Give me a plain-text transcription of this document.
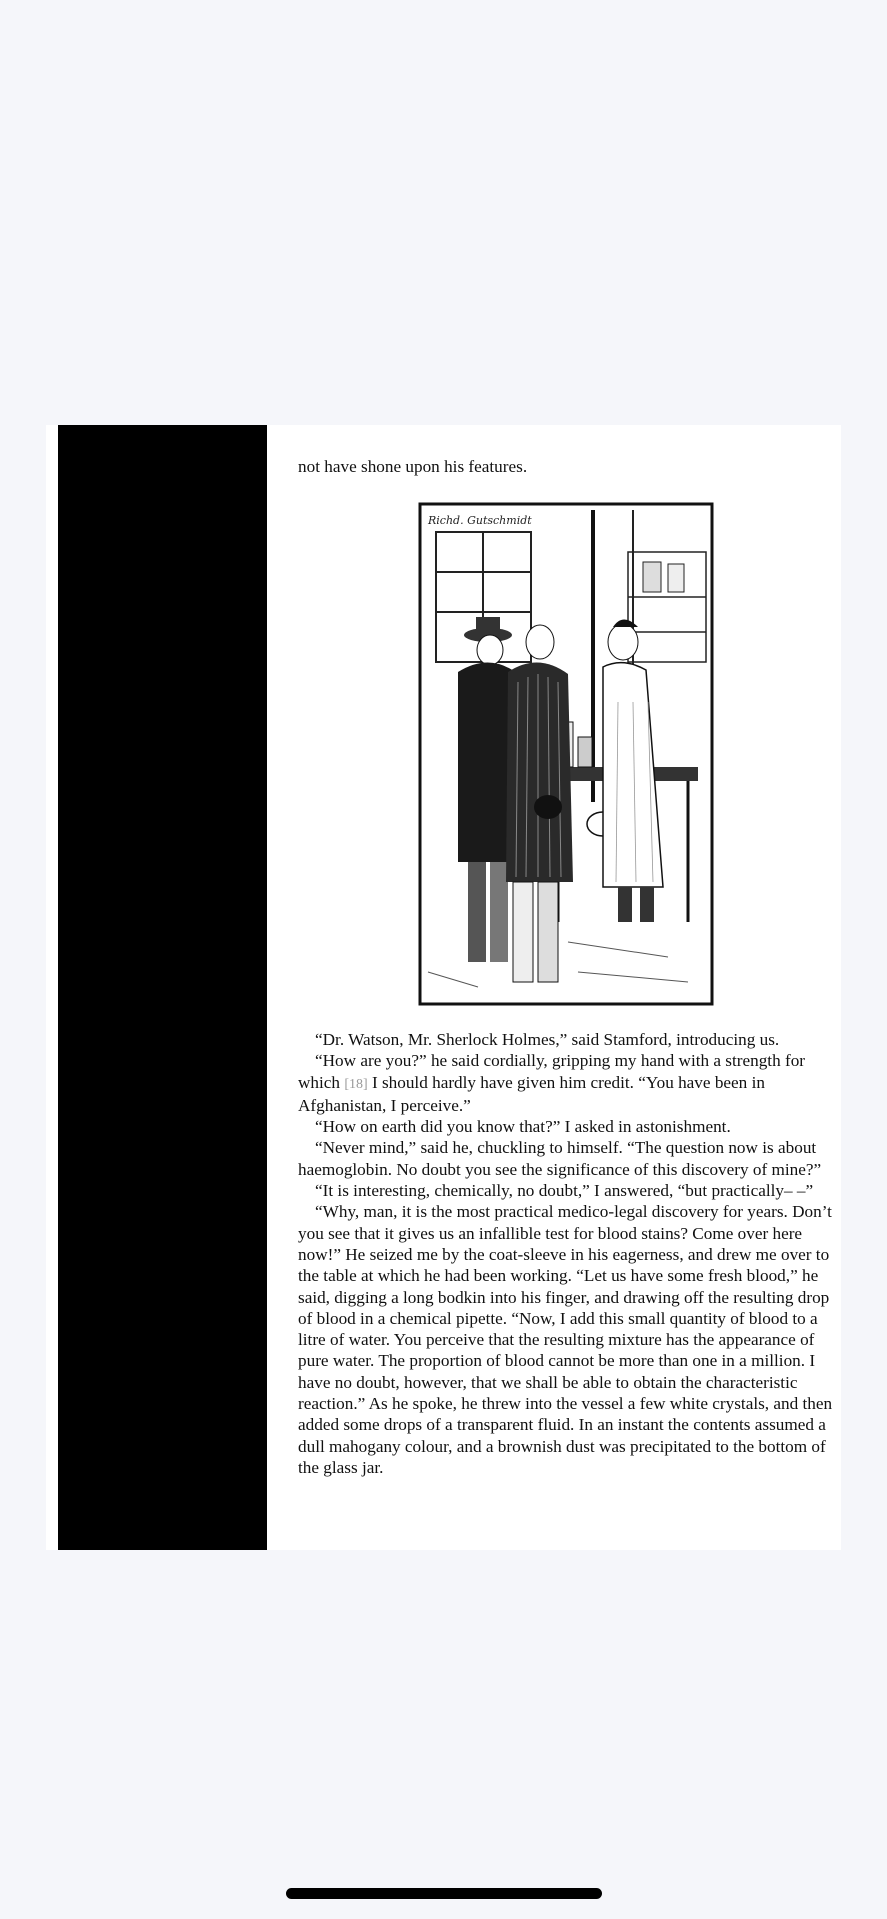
not have shone upon his features.
Richd. Gutschmidt

“Dr. Watson, Mr. Sherlock Holmes,” said Stamford, introducing us.

“How are you?” he said cordially, gripping my hand with a strength for which [18] I should hardly have given him credit. “You have been in Afghanistan, I perceive.”

“How on earth did you know that?” I asked in astonishment.

“Never mind,” said he, chuckling to himself. “The question now is about haemoglobin. No doubt you see the significance of this discovery of mine?”

“It is interesting, chemically, no doubt,” I answered, “but practically– –”

“Why, man, it is the most practical medico-legal discovery for years. Don’t you see that it gives us an infallible test for blood stains? Come over here now!” He seized me by the coat-sleeve in his eagerness, and drew me over to the table at which he had been working. “Let us have some fresh blood,” he said, digging a long bodkin into his finger, and drawing off the resulting drop of blood in a chemical pipette. “Now, I add this small quantity of blood to a litre of water. You perceive that the resulting mixture has the appearance of pure water. The proportion of blood cannot be more than one in a million. I have no doubt, however, that we shall be able to obtain the characteristic reaction.” As he spoke, he threw into the vessel a few white crystals, and then added some drops of a transparent fluid. In an instant the contents assumed a dull mahogany colour, and a brownish dust was precipitated to the bottom of the glass jar.
